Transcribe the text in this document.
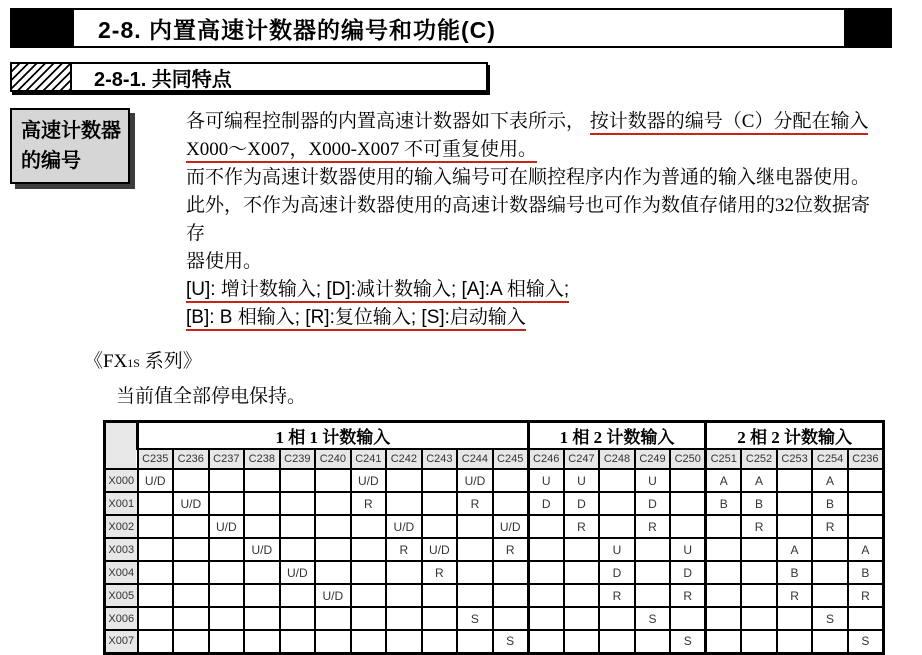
2-8. 内置高速计数器的编号和功能(C)
2-8-1. 共同特点
高速计数器
的编号

各可编程控制器的内置高速计数器如下表所示， 按计数器的编号（C）分配在输入

X000～X007，X000-X007 不可重复使用。

而不作为高速计数器使用的输入编号可在顺控程序内作为普通的输入继电器使用。

此外，不作为高速计数器使用的高速计数器编号也可作为数值存储用的32位数据寄存

器使用。

[U]: 增计数输入; [D]:减计数输入; [A]:A 相输入;

[B]: B 相输入; [R]:复位输入; [S]:启动输入

《FX1S 系列》
当前值全部停电保持。
	1 相 1 计数输入											1 相 2 计数输入					2 相 2 计数输入				
	C235	C236	C237	C238	C239	C240	C241	C242	C243	C244	C245	C246	C247	C248	C249	C250	C251	C252	C253	C254	C236
X000	U/D						U/D			U/D		U	U		U		A	A		A	
X001		U/D					R			R		D	D		D		B	B		B	
X002			U/D					U/D			U/D		R		R			R		R	
X003				U/D				R	U/D		R			U		U			A		A
X004					U/D				R					D		D			B		B
X005						U/D								R		R			R		R
X006										S					S					S	
X007											S					S					S
